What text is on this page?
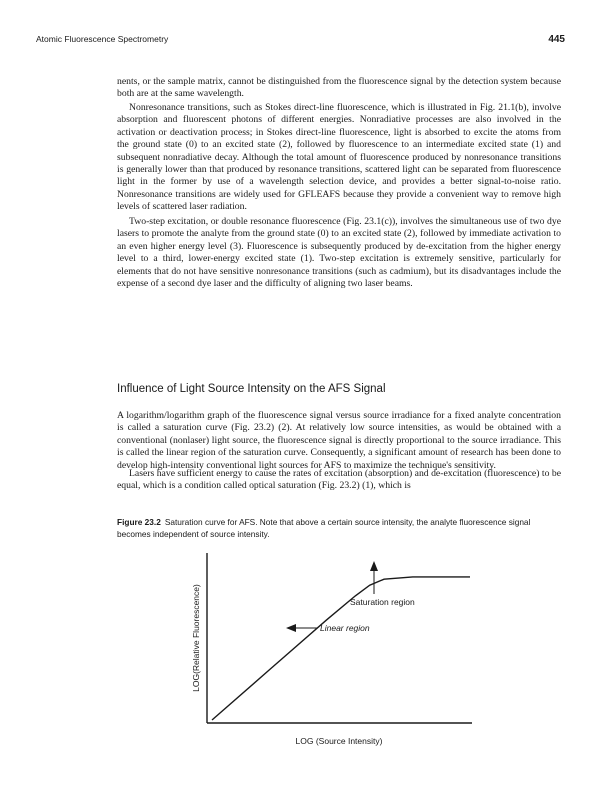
Atomic Fluorescence Spectrometry	445

nents, or the sample matrix, cannot be distinguished from the fluorescence signal by the detection system because both are at the same wavelength.

Nonresonance transitions, such as Stokes direct-line fluorescence, which is illustrated in Fig. 21.1(b), involve absorption and fluorescent photons of different energies. Nonradiative processes are also involved in the activation or deactivation process; in Stokes direct-line fluorescence, light is absorbed to excite the atoms from the ground state (0) to an excited state (2), followed by fluorescence to an intermediate excited state (1) and subsequent nonradiative decay. Although the total amount of fluorescence produced by nonresonance transitions is generally lower than that produced by resonance transitions, scattered light can be separated from fluorescence light in the former by use of a wavelength selection device, and provides a better signal-to-noise ratio. Nonresonance transitions are widely used for GFLEAFS because they provide a convenient way to remove high levels of scattered laser radiation.

Two-step excitation, or double resonance fluorescence (Fig. 23.1(c)), involves the simultaneous use of two dye lasers to promote the analyte from the ground state (0) to an excited state (2), followed by immediate activation to an even higher energy level (3). Fluorescence is subsequently produced by de-excitation from the higher energy level to a third, lower-energy excited state (1). Two-step excitation is extremely sensitive, particularly for elements that do not have sensitive nonresonance transitions (such as cadmium), but its disadvantages include the expense of a second dye laser and the difficulty of aligning two laser beams.

Influence of Light Source Intensity on the AFS Signal

A logarithm/logarithm graph of the fluorescence signal versus source irradiance for a fixed analyte concentration is called a saturation curve (Fig. 23.2) (2). At relatively low source intensities, as would be obtained with a conventional (nonlaser) light source, the fluorescence signal is directly proportional to the source irradiance. This is called the linear region of the saturation curve. Consequently, a significant amount of research has been done to develop high-intensity conventional light sources for AFS to maximize the technique's sensitivity.

Lasers have sufficient energy to cause the rates of excitation (absorption) and de-excitation (fluorescence) to be equal, which is a condition called optical saturation (Fig. 23.2) (1), which is

Figure 23.2 Saturation curve for AFS. Note that above a certain source intensity, the analyte fluorescence signal becomes independent of source intensity.
Saturation region
Linear region
LOG (Source Intensity)
LOG(Relative Fluorescence)
